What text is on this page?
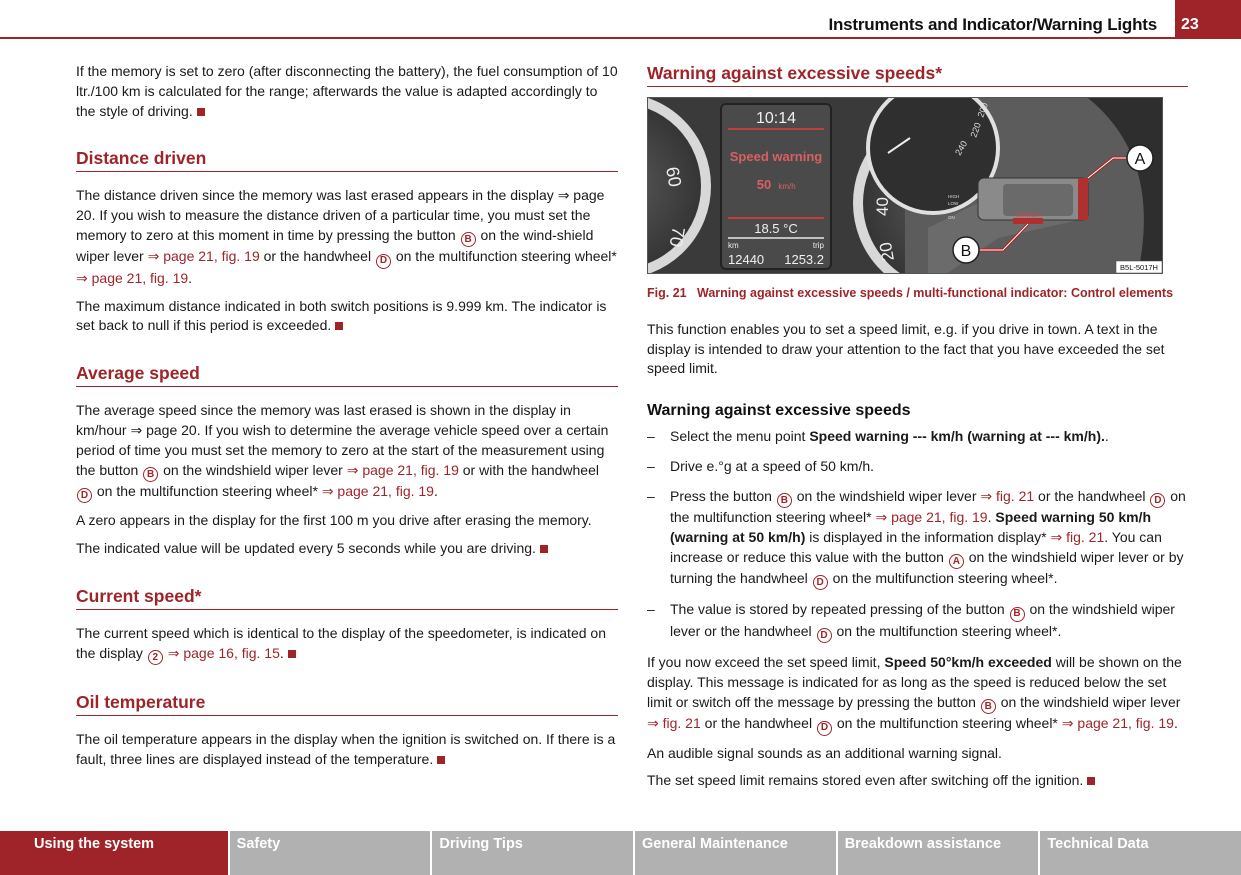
Instruments and Indicator/Warning Lights 23

If the memory is set to zero (after disconnecting the battery), the fuel consumption of 10 ltr./100 km is calculated for the range; afterwards the value is adapted accordingly to the style of driving.

Distance driven

The distance driven since the memory was last erased appears in the display ⇒ page 20. If you wish to measure the distance driven of a particular time, you must set the memory to zero at this moment in time by pressing the button B on the wind-shield wiper lever ⇒ page 21, fig. 19 or the handwheel D on the multifunction steering wheel* ⇒ page 21, fig. 19.

The maximum distance indicated in both switch positions is 9.999 km. The indicator is set back to null if this period is exceeded.

Average speed

The average speed since the memory was last erased is shown in the display in km/hour ⇒ page 20. If you wish to determine the average vehicle speed over a certain period of time you must set the memory to zero at the start of the measurement using the button B on the windshield wiper lever ⇒ page 21, fig. 19 or with the handwheel D on the multifunction steering wheel* ⇒ page 21, fig. 19.

A zero appears in the display for the first 100 m you drive after erasing the memory.

The indicated value will be updated every 5 seconds while you are driving.

Current speed*

The current speed which is identical to the display of the speedometer, is indicated on the display 2 ⇒ page 16, fig. 15.

Oil temperature

The oil temperature appears in the display when the ignition is switched on. If there is a fault, three lines are displayed instead of the temperature.

Warning against excessive speeds*
60
70
10:14
Speed warning
50 km/h
18.5 °C
km	trip
12440 1253.2
40
20
200
220
240
ON/RESET
HIGH
LOW
OFF
ON
A
B
B5L-5017H
Fig. 21 Warning against excessive speeds / multi-functional indicator: Control elements

This function enables you to set a speed limit, e.g. if you drive in town. A text in the display is intended to draw your attention to the fact that you have exceeded the set speed limit.

Warning against excessive speeds
– Select the menu point Speed warning --- km/h (warning at --- km/h)..
– Drive e.°g at a speed of 50 km/h.
– Press the button B on the windshield wiper lever ⇒ fig. 21 or the handwheel D on the multifunction steering wheel* ⇒ page 21, fig. 19. Speed warning 50 km/h (warning at 50 km/h) is displayed in the information display* ⇒ fig. 21. You can increase or reduce this value with the button A on the windshield wiper lever or by turning the handwheel D on the multifunction steering wheel*.
– The value is stored by repeated pressing of the button B on the windshield wiper lever or the handwheel D on the multifunction steering wheel*.

If you now exceed the set speed limit, Speed 50°km/h exceeded will be shown on the display. This message is indicated for as long as the speed is reduced below the set limit or switch off the message by pressing the button B on the windshield wiper lever ⇒ fig. 21 or the handwheel D on the multifunction steering wheel* ⇒ page 21, fig. 19.

An audible signal sounds as an additional warning signal.

The set speed limit remains stored even after switching off the ignition.

Using the system	Safety	Driving Tips	General Maintenance	Breakdown assistance	Technical Data
